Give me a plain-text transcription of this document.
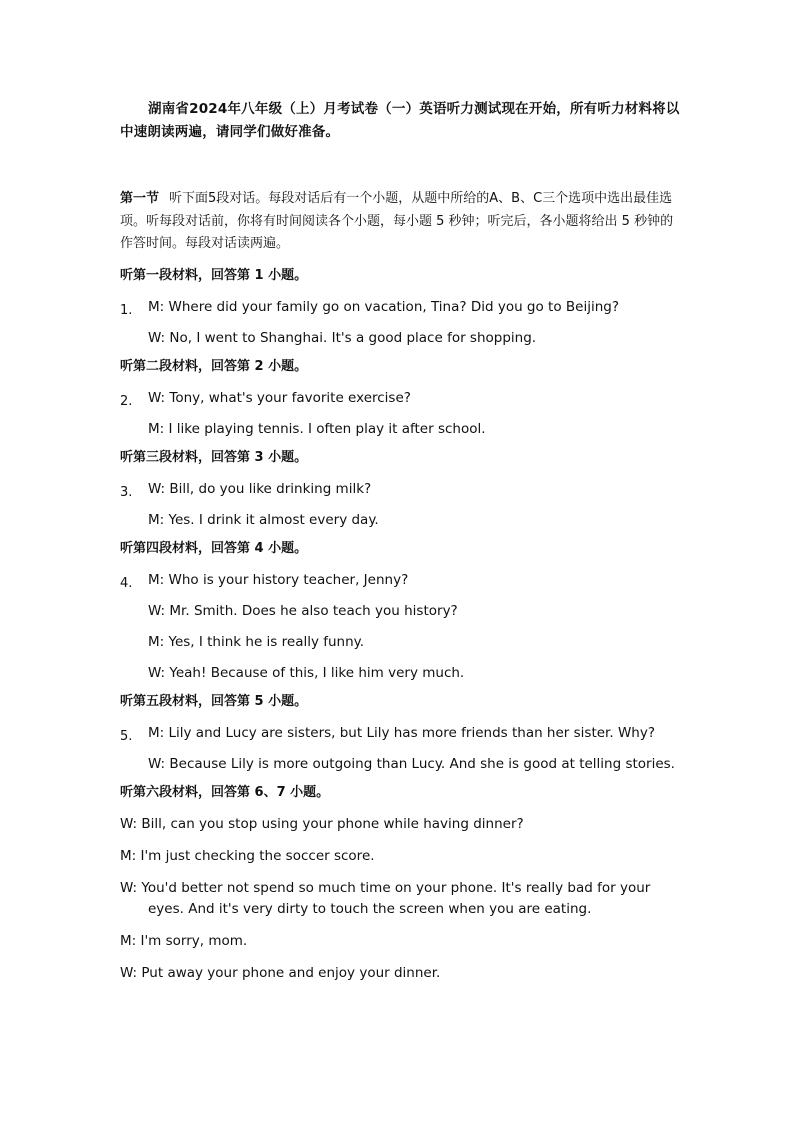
湖南省2024年八年级（上）月考试卷（一）英语听力测试现在开始，所有听力材料将以中速朗读两遍，请同学们做好准备。

第一节 听下面5段对话。每段对话后有一个小题，从题中所给的A、B、C三个选项中选出最佳选项。听每段对话前，你将有时间阅读各个小题，每小题 5 秒钟；听完后，各小题将给出 5 秒钟的作答时间。每段对话读两遍。
听第一段材料，回答第 1 小题。
1. M: Where did your family go on vacation, Tina? Did you go to Beijing?
W: No, I went to Shanghai. It's a good place for shopping.
听第二段材料，回答第 2 小题。
2. W: Tony, what's your favorite exercise?
M: I like playing tennis. I often play it after school.
听第三段材料，回答第 3 小题。
3. W: Bill, do you like drinking milk?
M: Yes. I drink it almost every day.
听第四段材料，回答第 4 小题。
4. M: Who is your history teacher, Jenny?
W: Mr. Smith. Does he also teach you history?
M: Yes, I think he is really funny.
W: Yeah! Because of this, I like him very much.
听第五段材料，回答第 5 小题。
5. M: Lily and Lucy are sisters, but Lily has more friends than her sister. Why?
W: Because Lily is more outgoing than Lucy. And she is good at telling stories.
听第六段材料，回答第 6、7 小题。
W: Bill, can you stop using your phone while having dinner?
M: I'm just checking the soccer score.
W: You'd better not spend so much time on your phone. It's really bad for your eyes. And it's very dirty to touch the screen when you are eating.
M: I'm sorry, mom.
W: Put away your phone and enjoy your dinner.
